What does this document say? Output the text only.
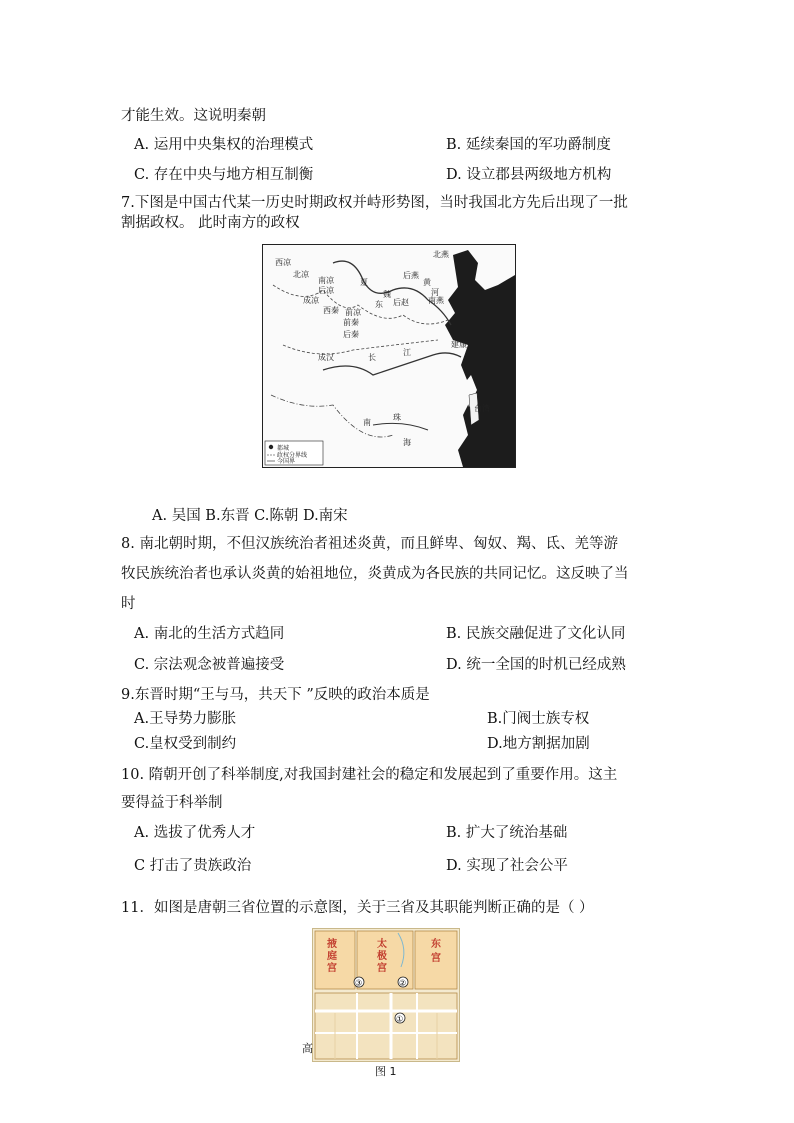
才能生效。这说明秦朝
A. 运用中央集权的治理模式	B. 延续秦国的军功爵制度
C. 存在中央与地方相互制衡	D. 设立郡县两级地方机构
7.下图是中国古代某一历史时期政权并峙形势图，当时我国北方先后出现了一批
割据政权。 此时南方的政权
西凉
北凉
南凉
后凉
西秦
成凉
夏
魏
北燕
后燕
后赵 南燕
前秦
后秦
前凉
成汉	长
江
黄
河
东
建康
南
海
珠
台湾
都城
政权分界线
今国界
A. 吴国 B.东晋 C.陈朝 D.南宋
8. 南北朝时期，不但汉族统治者祖述炎黄，而且鲜卑、匈奴、羯、氐、羌等游
牧民族统治者也承认炎黄的始祖地位，炎黄成为各民族的共同记忆。这反映了当
时
A. 南北的生活方式趋同	B. 民族交融促进了文化认同
C. 宗法观念被普遍接受	D. 统一全国的时机已经成熟
9.东晋时期“王与马，共天下 ”反映的政治本质是
A.王导势力膨胀	B.门阀士族专权
C.皇权受到制约	D.地方割据加剧
10. 隋朝开创了科举制度,对我国封建社会的稳定和发展起到了重要作用。这主
要得益于科举制
A. 选拔了优秀人才	B. 扩大了统治基础
C 打击了贵族政治	D. 实现了社会公平
11．如图是唐朝三省位置的示意图，关于三省及其职能判断正确的是（ ）
掖
庭
宫
太
极
宫
东
宫
③	②
①
高
图 1
